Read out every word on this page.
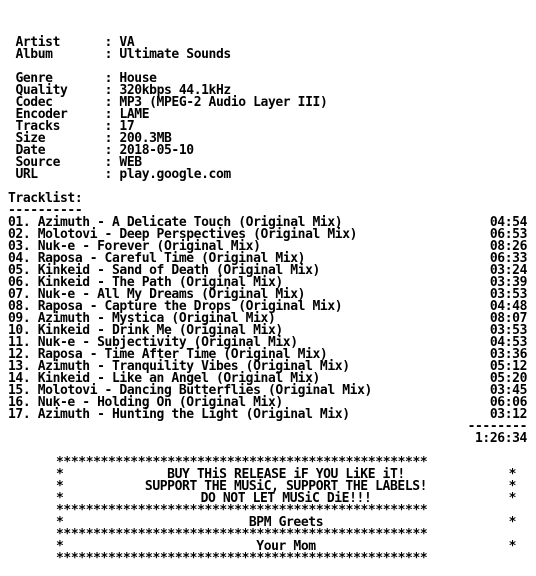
Artist      : VA
Album       : Ultimate Sounds
Genre       : House
Quality     : 320kbps 44.1kHz
Codec       : MP3 (MPEG-2 Audio Layer III)
Encoder     : LAME
Tracks      : 17
Size        : 200.3MB
Date        : 2018-05-10
Source      : WEB
URL         : play.google.com
Tracklist:
----------
01. Azimuth - A Delicate Touch (Original Mix)	04:54
02. Molotovi - Deep Perspectives (Original Mix)	06:53
03. Nuk-e - Forever (Original Mix)	08:26
04. Raposa - Careful Time (Original Mix)	06:33
05. Kinkeid - Sand of Death (Original Mix)	03:24
06. Kinkeid - The Path (Original Mix)	03:39
07. Nuk-e - All My Dreams (Original Mix)	03:53
08. Raposa - Capture the Drops (Original Mix)	04:48
09. Azimuth - Mystica (Original Mix)	08:07
10. Kinkeid - Drink Me (Original Mix)	03:53
11. Nuk-e - Subjectivity (Original Mix)	04:53
12. Raposa - Time After Time (Original Mix)	03:36
13. Azimuth - Tranquility Vibes (Original Mix)	05:12
14. Kinkeid - Like an Angel (Original Mix)	05:20
15. Molotovi - Dancing Butterflies (Original Mix)	03:45
16. Nuk-e - Holding On (Original Mix)	06:06
17. Azimuth - Hunting the Light (Original Mix)	03:12
--------
1:26:34
**************************************************
*	BUY THiS RELEASE iF YOU LiKE iT!	*
*	SUPPORT THE MUSiC, SUPPORT THE LABELS!	*
*	DO NOT LET MUSiC DiE!!!	*
**************************************************
*	BPM Greets	*
**************************************************
*	Your Mom	*
**************************************************
